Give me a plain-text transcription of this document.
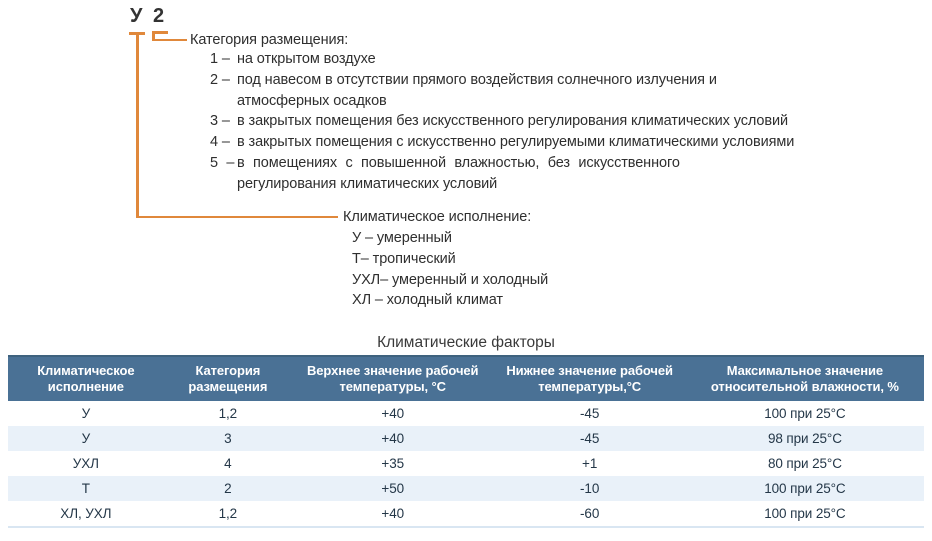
У 2
Категория размещения:
1 – на открытом воздухе
2 – под навесом в отсутствии прямого воздействия солнечного излучения и
атмосферных осадков
3 – в закрытых помещения без искусственного регулирования климатических условий
4 – в закрытых помещения с искусственно регулируемыми климатическими условиями
5 – в помещениях с повышенной влажностью, без искусственного
регулирования климатических условий
Климатическое исполнение:
У – умеренный
Т– тропический
УХЛ– умеренный и холодный
ХЛ – холодный климат
Климатические факторы
Климатическое исполнение	Категория размещения	Верхнее значение рабочей температуры, °С	Нижнее значение рабочей температуры,°С	Максимальное значение относительной влажности, %
У	1,2	+40	-45	100 при 25°С
У	3	+40	-45	98 при 25°С
УХЛ	4	+35	+1	80 при 25°С
Т	2	+50	-10	100 при 25°С
ХЛ, УХЛ	1,2	+40	-60	100 при 25°С
